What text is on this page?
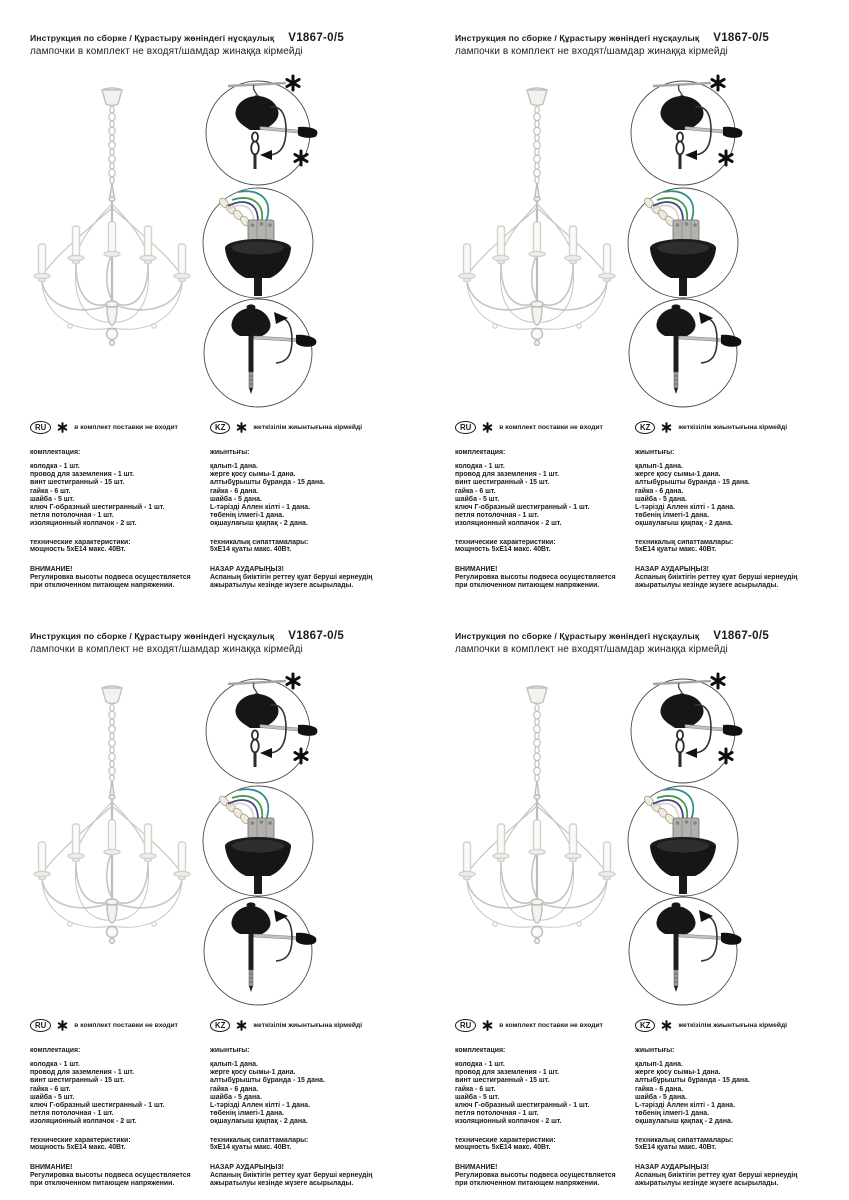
Инструкция по сборке / Құрастыру жөніндегі нұсқаулық V1867-0/5
лампочки в комплект не входят/шамдар жинаққа кірмейді
RU	в комплект поставки не входит
комплектация:
колодка - 1 шт.
провод для заземления - 1 шт.
винт шестигранный - 15 шт.
гайка - 6 шт.
шайба - 5 шт.
ключ Г-образный шестигранный - 1 шт.
петля потолочная - 1 шт.
изоляционный колпачок - 2 шт.
технические характеристики:
мощность 5хЕ14 макс. 40Вт.
ВНИМАНИЕ!
Регулировка высоты подвеса осуществляется при отключенном питающем напряжении.
KZ	жеткізілім жиынтығына кірмейді
жиынтығы:
қалып-1 дана.
жерге қосу сымы-1 дана.
алтыбұрышты бұранда - 15 дана.
гайка - 6 дана.
шайба - 5 дана.
L-тәрізді Аллен кілті - 1 дана.
төбенің ілмегі-1 дана.
оқшаулағыш қақпақ - 2 дана.
техникалық сипаттамалары:
5хЕ14 қуаты макс. 40Вт.
НАЗАР АУДАРЫҢЫЗ!
Аспаның биіктігін реттеу қуат беруші кернеудің ажыратылуы кезінде жүзеге асырылады.
Инструкция по сборке / Құрастыру жөніндегі нұсқаулық V1867-0/5
лампочки в комплект не входят/шамдар жинаққа кірмейді
RU	в комплект поставки не входит
комплектация:
колодка - 1 шт.
провод для заземления - 1 шт.
винт шестигранный - 15 шт.
гайка - 6 шт.
шайба - 5 шт.
ключ Г-образный шестигранный - 1 шт.
петля потолочная - 1 шт.
изоляционный колпачок - 2 шт.
технические характеристики:
мощность 5хЕ14 макс. 40Вт.
ВНИМАНИЕ!
Регулировка высоты подвеса осуществляется при отключенном питающем напряжении.
KZ	жеткізілім жиынтығына кірмейді
жиынтығы:
қалып-1 дана.
жерге қосу сымы-1 дана.
алтыбұрышты бұранда - 15 дана.
гайка - 6 дана.
шайба - 5 дана.
L-тәрізді Аллен кілті - 1 дана.
төбенің ілмегі-1 дана.
оқшаулағыш қақпақ - 2 дана.
техникалық сипаттамалары:
5хЕ14 қуаты макс. 40Вт.
НАЗАР АУДАРЫҢЫЗ!
Аспаның биіктігін реттеу қуат беруші кернеудің ажыратылуы кезінде жүзеге асырылады.
Инструкция по сборке / Құрастыру жөніндегі нұсқаулық V1867-0/5
лампочки в комплект не входят/шамдар жинаққа кірмейді
RU	в комплект поставки не входит
комплектация:
колодка - 1 шт.
провод для заземления - 1 шт.
винт шестигранный - 15 шт.
гайка - 6 шт.
шайба - 5 шт.
ключ Г-образный шестигранный - 1 шт.
петля потолочная - 1 шт.
изоляционный колпачок - 2 шт.
технические характеристики:
мощность 5хЕ14 макс. 40Вт.
ВНИМАНИЕ!
Регулировка высоты подвеса осуществляется при отключенном питающем напряжении.
KZ	жеткізілім жиынтығына кірмейді
жиынтығы:
қалып-1 дана.
жерге қосу сымы-1 дана.
алтыбұрышты бұранда - 15 дана.
гайка - 6 дана.
шайба - 5 дана.
L-тәрізді Аллен кілті - 1 дана.
төбенің ілмегі-1 дана.
оқшаулағыш қақпақ - 2 дана.
техникалық сипаттамалары:
5хЕ14 қуаты макс. 40Вт.
НАЗАР АУДАРЫҢЫЗ!
Аспаның биіктігін реттеу қуат беруші кернеудің ажыратылуы кезінде жүзеге асырылады.
Инструкция по сборке / Құрастыру жөніндегі нұсқаулық V1867-0/5
лампочки в комплект не входят/шамдар жинаққа кірмейді
RU	в комплект поставки не входит
комплектация:
колодка - 1 шт.
провод для заземления - 1 шт.
винт шестигранный - 15 шт.
гайка - 6 шт.
шайба - 5 шт.
ключ Г-образный шестигранный - 1 шт.
петля потолочная - 1 шт.
изоляционный колпачок - 2 шт.
технические характеристики:
мощность 5хЕ14 макс. 40Вт.
ВНИМАНИЕ!
Регулировка высоты подвеса осуществляется при отключенном питающем напряжении.
KZ	жеткізілім жиынтығына кірмейді
жиынтығы:
қалып-1 дана.
жерге қосу сымы-1 дана.
алтыбұрышты бұранда - 15 дана.
гайка - 6 дана.
шайба - 5 дана.
L-тәрізді Аллен кілті - 1 дана.
төбенің ілмегі-1 дана.
оқшаулағыш қақпақ - 2 дана.
техникалық сипаттамалары:
5хЕ14 қуаты макс. 40Вт.
НАЗАР АУДАРЫҢЫЗ!
Аспаның биіктігін реттеу қуат беруші кернеудің ажыратылуы кезінде жүзеге асырылады.
